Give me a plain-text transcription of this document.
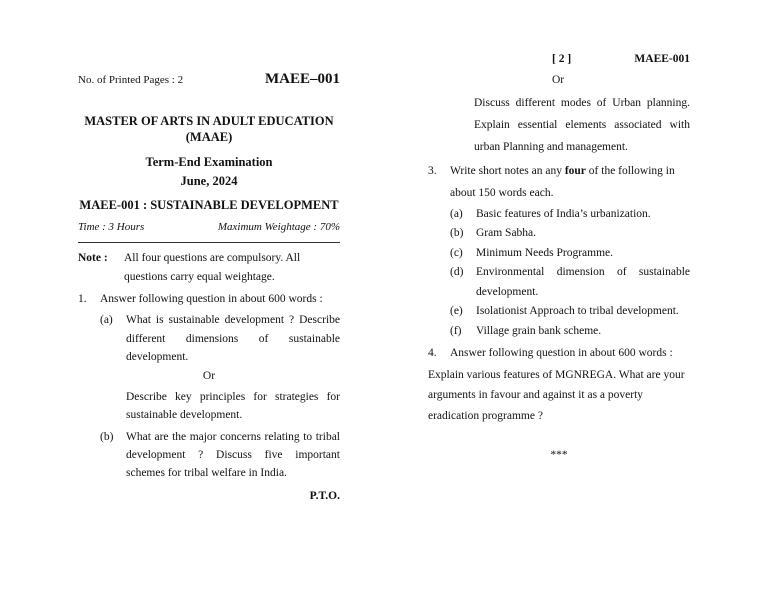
No. of Printed Pages : 2	MAEE–001
MASTER OF ARTS IN ADULT EDUCATION (MAAE)
Term-End Examination
June, 2024
MAEE-001 : SUSTAINABLE DEVELOPMENT
Time : 3 Hours	Maximum Weightage : 70%
Note :	All four questions are compulsory. All questions carry equal weightage.
1.	Answer following question in about 600 words :
(a)	What is sustainable development ? Describe different dimensions of sustainable development.
Or
Describe key principles for strategies for sustainable development.
(b)	What are the major concerns relating to tribal development ? Discuss five important schemes for tribal welfare in India.
P.T.O.
[ 2 ]	MAEE-001
Or
Discuss different modes of Urban planning. Explain essential elements associated with urban Planning and management.
3.	Write short notes an any four of the following in about 150 words each.
(a)	Basic features of India’s urbanization.
(b)	Gram Sabha.
(c)	Minimum Needs Programme.
(d)	Environmental dimension of sustainable development.
(e)	Isolationist Approach to tribal development.
(f)	Village grain bank scheme.
4.	Answer following question in about 600 words :
Explain various features of MGNREGA. What are your arguments in favour and against it as a poverty eradication programme ?
***
